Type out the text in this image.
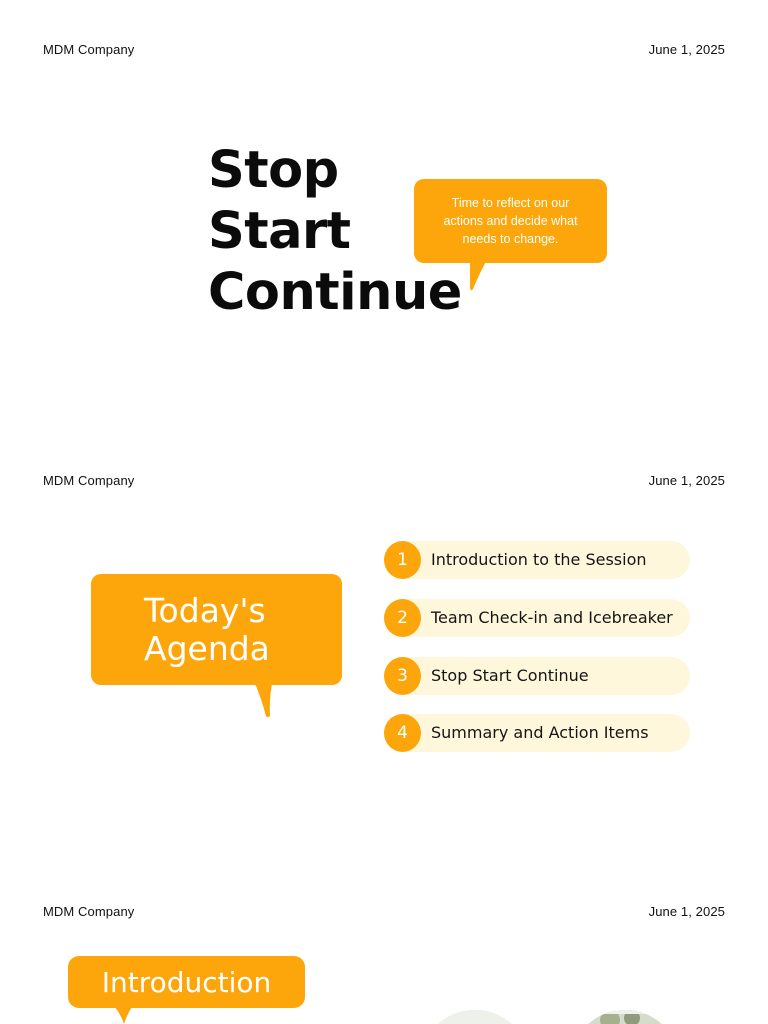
MDM Company	June 1, 2025
Stop
Start
Continue
Time to reflect on our actions and decide what needs to change.
MDM Company	June 1, 2025
Today's
Agenda
1	Introduction to the Session
2	Team Check-in and Icebreaker
3	Stop Start Continue
4	Summary and Action Items
MDM Company	June 1, 2025
Introduction
